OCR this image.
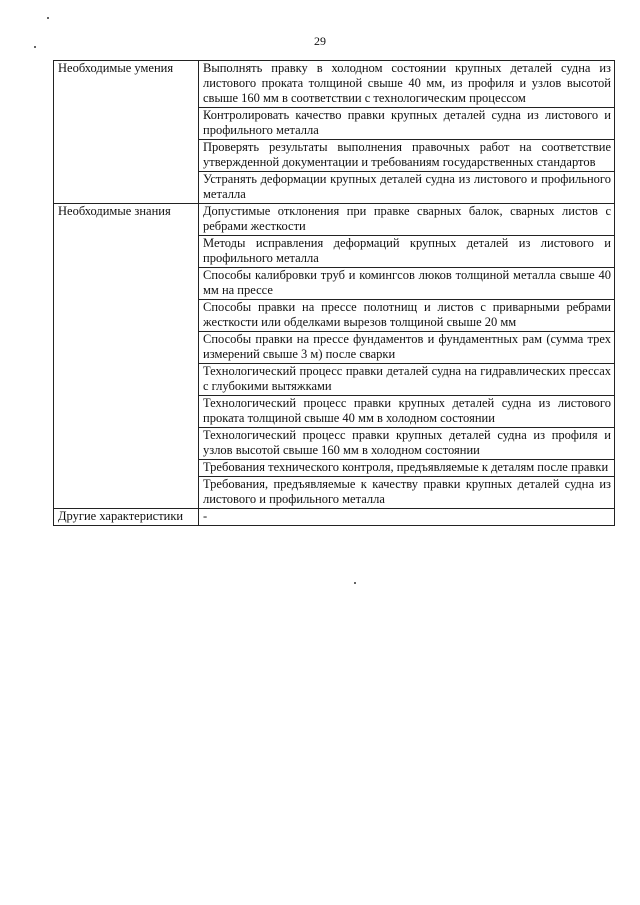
29
Необходимые умения	Выполнять правку в холодном состоянии крупных деталей судна из листового проката толщиной свыше 40 мм, из профиля и узлов высотой свыше 160 мм в соответствии с технологическим процессом
	Контролировать качество правки крупных деталей судна из листового и профильного металла
	Проверять результаты выполнения правочных работ на соответствие утвержденной документации и требованиям государственных стандартов
	Устранять деформации крупных деталей судна из листового и профильного металла
Необходимые знания	Допустимые отклонения при правке сварных балок, сварных листов с ребрами жесткости
	Методы исправления деформаций крупных деталей из листового и профильного металла
	Способы калибровки труб и комингсов люков толщиной металла свыше 40 мм на прессе
	Способы правки на прессе полотнищ и листов с приварными ребрами жесткости или обделками вырезов толщиной свыше 20 мм
	Способы правки на прессе фундаментов и фундаментных рам (сумма трех измерений свыше 3 м) после сварки
	Технологический процесс правки деталей судна на гидравлических прессах с глубокими вытяжками
	Технологический процесс правки крупных деталей судна из листового проката толщиной свыше 40 мм в холодном состоянии
	Технологический процесс правки крупных деталей судна из профиля и узлов высотой свыше 160 мм в холодном состоянии
	Требования технического контроля, предъявляемые к деталям после правки
	Требования, предъявляемые к качеству правки крупных деталей судна из листового и профильного металла
Другие характеристики	-
